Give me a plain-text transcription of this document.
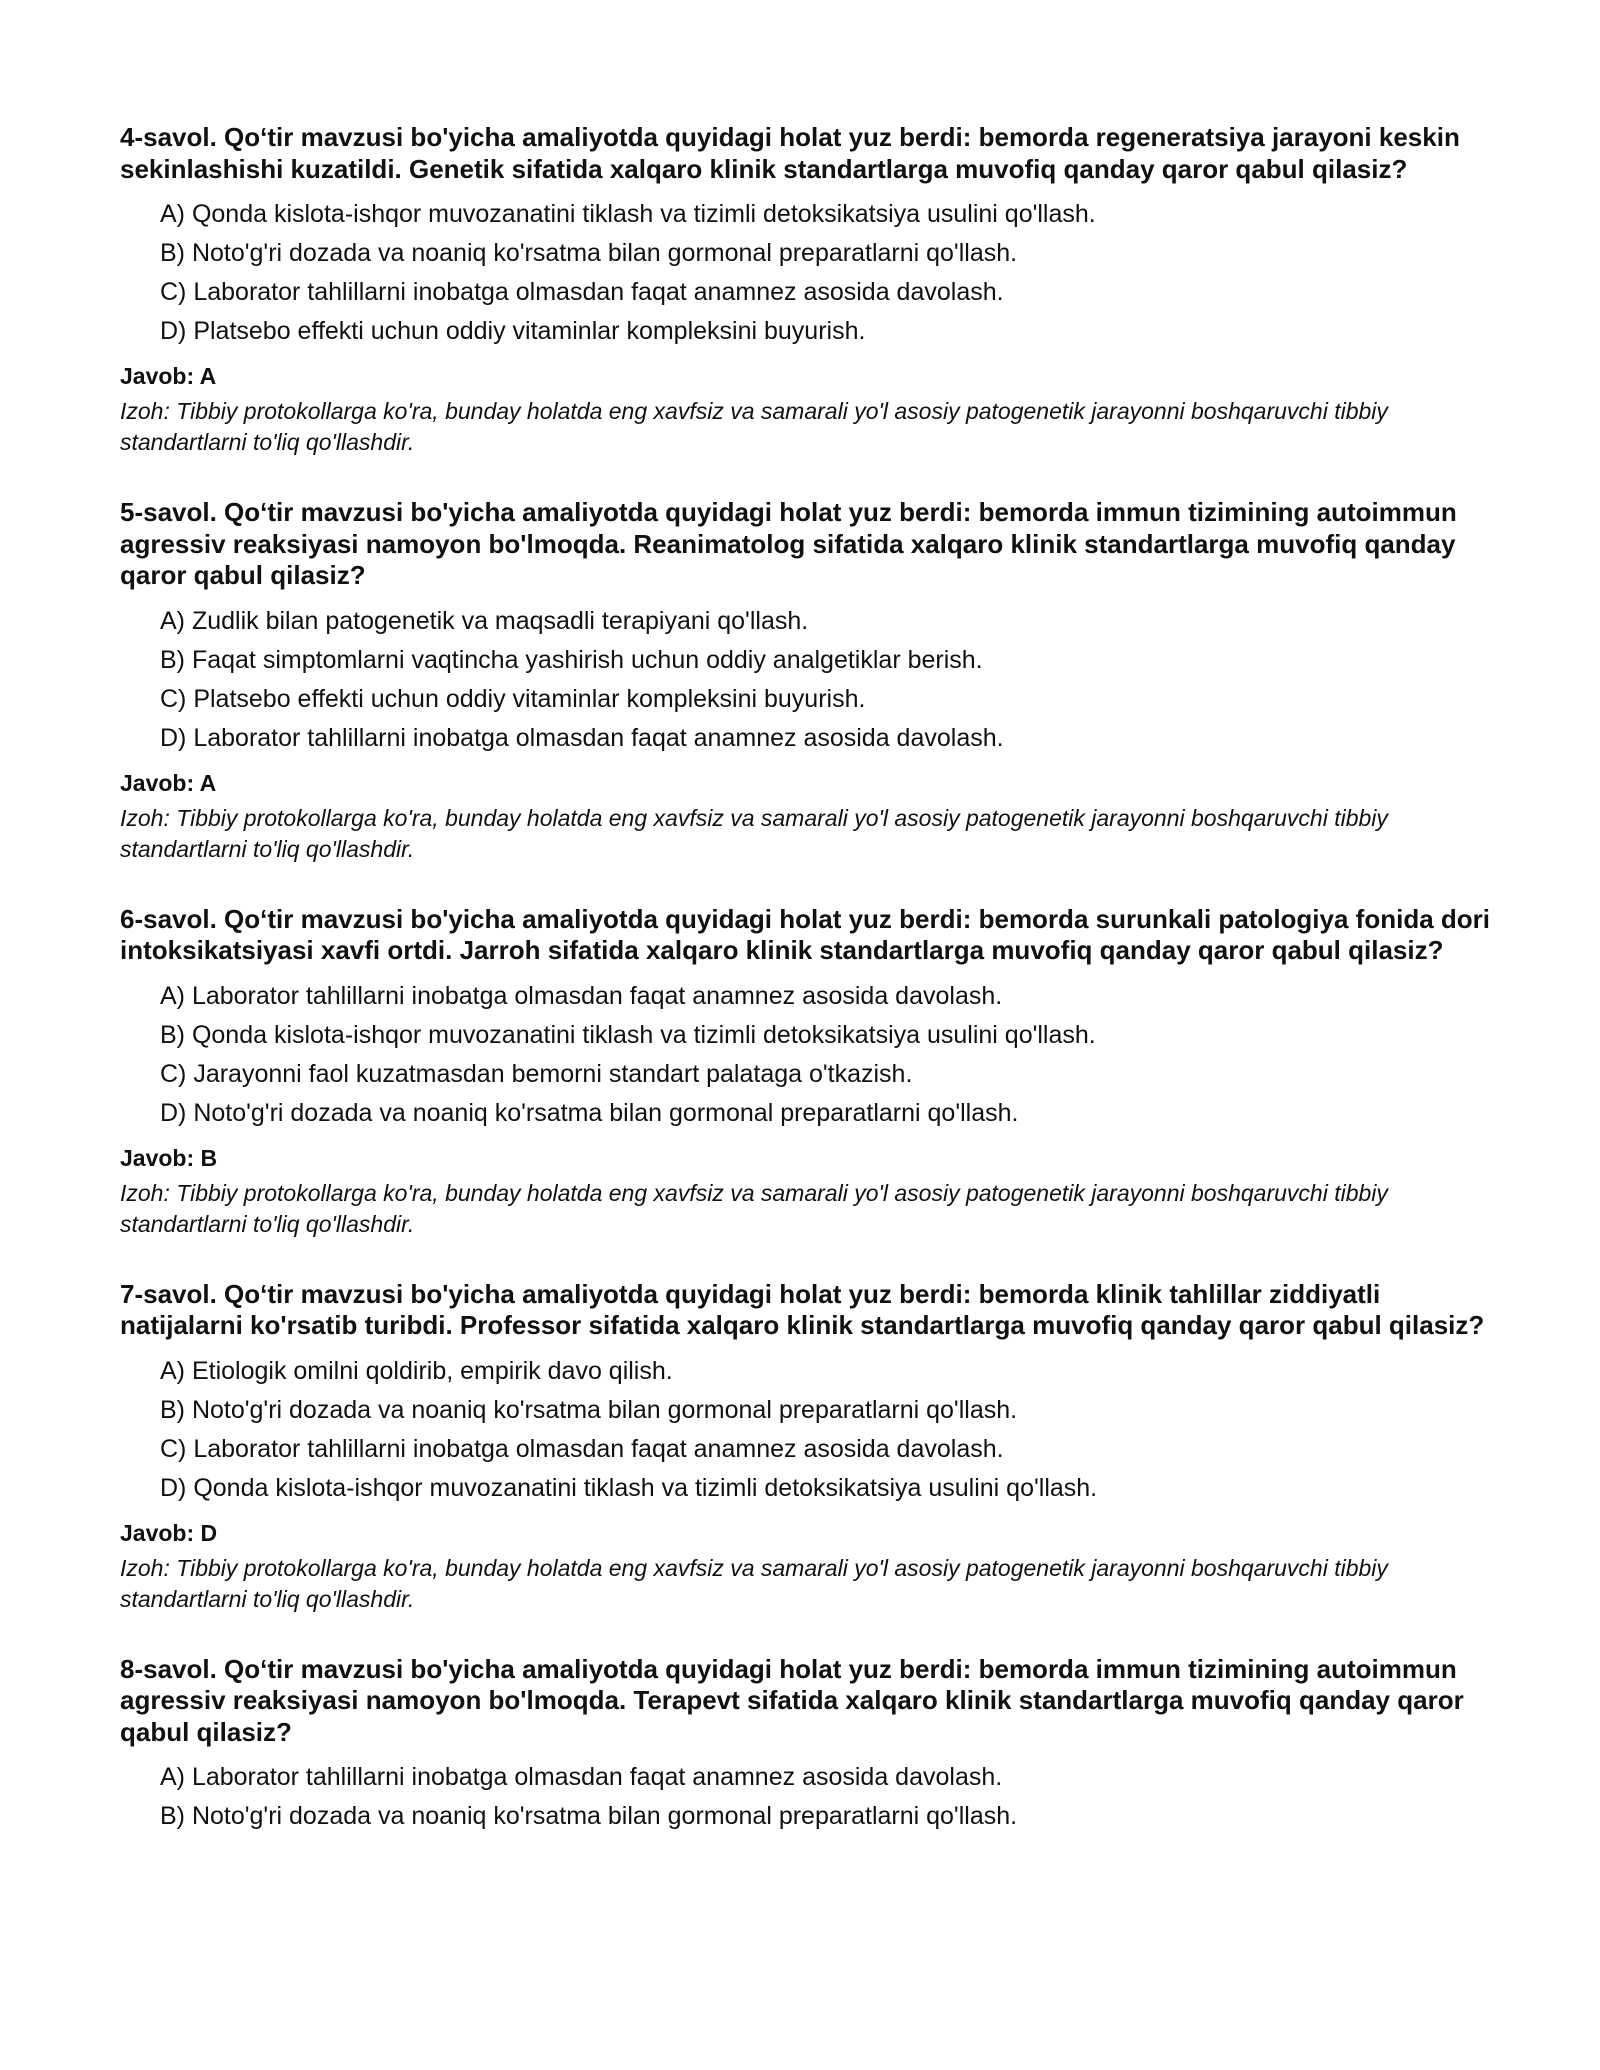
4-savol. Qo‘tir mavzusi bo'yicha amaliyotda quyidagi holat yuz berdi: bemorda regeneratsiya jarayoni keskin sekinlashishi kuzatildi. Genetik sifatida xalqaro klinik standartlarga muvofiq qanday qaror qabul qilasiz?

A) Qonda kislota-ishqor muvozanatini tiklash va tizimli detoksikatsiya usulini qo'llash.
B) Noto'g'ri dozada va noaniq ko'rsatma bilan gormonal preparatlarni qo'llash.
C) Laborator tahlillarni inobatga olmasdan faqat anamnez asosida davolash.
D) Platsebo effekti uchun oddiy vitaminlar kompleksini buyurish.

Javob: A

Izoh: Tibbiy protokollarga ko'ra, bunday holatda eng xavfsiz va samarali yo'l asosiy patogenetik jarayonni boshqaruvchi tibbiy standartlarni to'liq qo'llashdir.

5-savol. Qo‘tir mavzusi bo'yicha amaliyotda quyidagi holat yuz berdi: bemorda immun tizimining autoimmun agressiv reaksiyasi namoyon bo'lmoqda. Reanimatolog sifatida xalqaro klinik standartlarga muvofiq qanday qaror qabul qilasiz?

A) Zudlik bilan patogenetik va maqsadli terapiyani qo'llash.
B) Faqat simptomlarni vaqtincha yashirish uchun oddiy analgetiklar berish.
C) Platsebo effekti uchun oddiy vitaminlar kompleksini buyurish.
D) Laborator tahlillarni inobatga olmasdan faqat anamnez asosida davolash.

Javob: A

Izoh: Tibbiy protokollarga ko'ra, bunday holatda eng xavfsiz va samarali yo'l asosiy patogenetik jarayonni boshqaruvchi tibbiy standartlarni to'liq qo'llashdir.

6-savol. Qo‘tir mavzusi bo'yicha amaliyotda quyidagi holat yuz berdi: bemorda surunkali patologiya fonida dori intoksikatsiyasi xavfi ortdi. Jarroh sifatida xalqaro klinik standartlarga muvofiq qanday qaror qabul qilasiz?

A) Laborator tahlillarni inobatga olmasdan faqat anamnez asosida davolash.
B) Qonda kislota-ishqor muvozanatini tiklash va tizimli detoksikatsiya usulini qo'llash.
C) Jarayonni faol kuzatmasdan bemorni standart palataga o'tkazish.
D) Noto'g'ri dozada va noaniq ko'rsatma bilan gormonal preparatlarni qo'llash.

Javob: B

Izoh: Tibbiy protokollarga ko'ra, bunday holatda eng xavfsiz va samarali yo'l asosiy patogenetik jarayonni boshqaruvchi tibbiy standartlarni to'liq qo'llashdir.

7-savol. Qo‘tir mavzusi bo'yicha amaliyotda quyidagi holat yuz berdi: bemorda klinik tahlillar ziddiyatli natijalarni ko'rsatib turibdi. Professor sifatida xalqaro klinik standartlarga muvofiq qanday qaror qabul qilasiz?

A) Etiologik omilni qoldirib, empirik davo qilish.
B) Noto'g'ri dozada va noaniq ko'rsatma bilan gormonal preparatlarni qo'llash.
C) Laborator tahlillarni inobatga olmasdan faqat anamnez asosida davolash.
D) Qonda kislota-ishqor muvozanatini tiklash va tizimli detoksikatsiya usulini qo'llash.

Javob: D

Izoh: Tibbiy protokollarga ko'ra, bunday holatda eng xavfsiz va samarali yo'l asosiy patogenetik jarayonni boshqaruvchi tibbiy standartlarni to'liq qo'llashdir.

8-savol. Qo‘tir mavzusi bo'yicha amaliyotda quyidagi holat yuz berdi: bemorda immun tizimining autoimmun agressiv reaksiyasi namoyon bo'lmoqda. Terapevt sifatida xalqaro klinik standartlarga muvofiq qanday qaror qabul qilasiz?

A) Laborator tahlillarni inobatga olmasdan faqat anamnez asosida davolash.
B) Noto'g'ri dozada va noaniq ko'rsatma bilan gormonal preparatlarni qo'llash.
